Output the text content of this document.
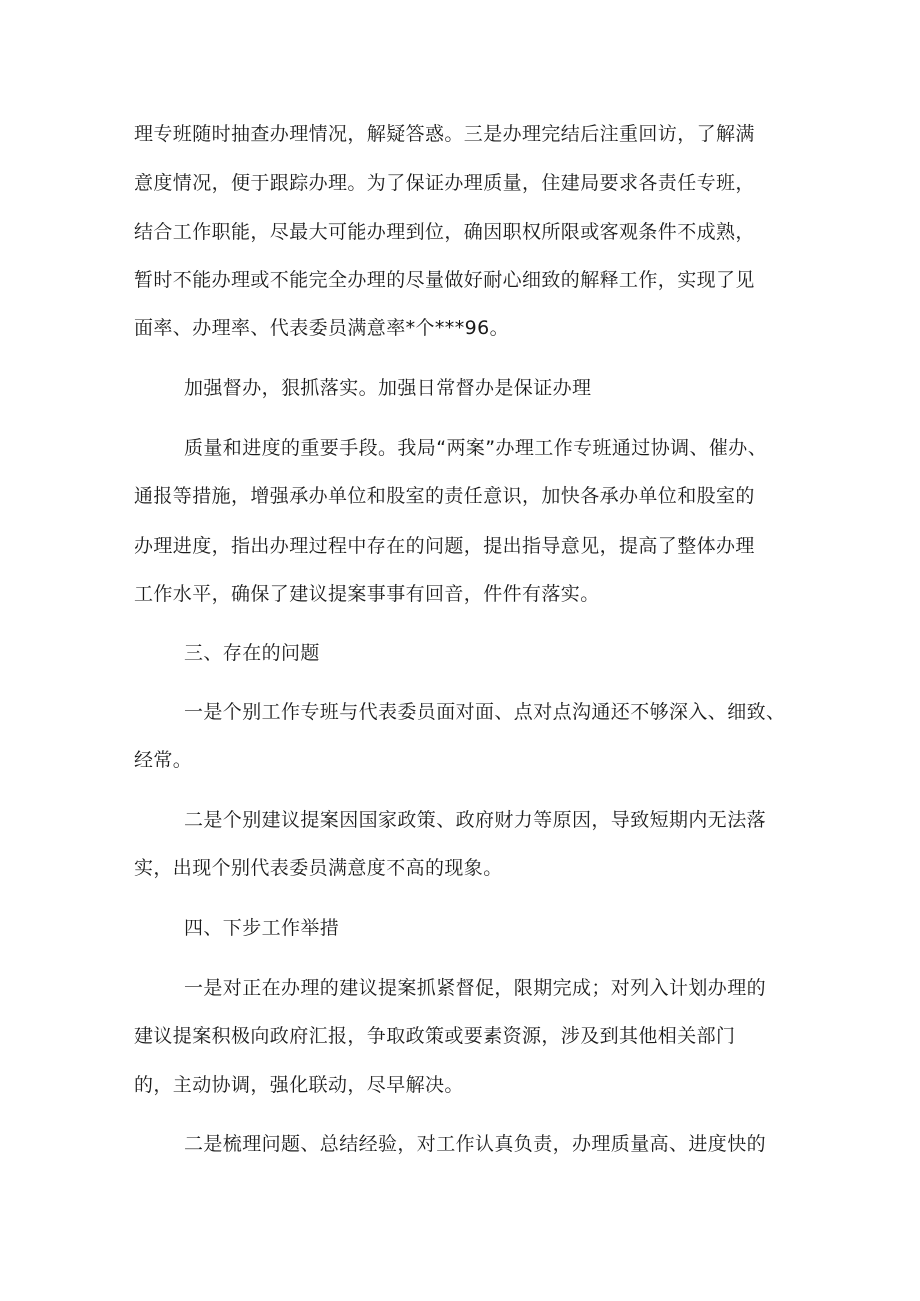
理专班随时抽查办理情况，解疑答惑。三是办理完结后注重回访，了解满
意度情况，便于跟踪办理。为了保证办理质量，住建局要求各责任专班，
结合工作职能，尽最大可能办理到位，确因职权所限或客观条件不成熟，
暂时不能办理或不能完全办理的尽量做好耐心细致的解释工作，实现了见
面率、办理率、代表委员满意率*个***96。
加强督办，狠抓落实。加强日常督办是保证办理
质量和进度的重要手段。我局“两案”办理工作专班通过协调、催办、
通报等措施，增强承办单位和股室的责任意识，加快各承办单位和股室的
办理进度，指出办理过程中存在的问题，提出指导意见，提高了整体办理
工作水平，确保了建议提案事事有回音，件件有落实。
三、存在的问题
一是个别工作专班与代表委员面对面、点对点沟通还不够深入、细致、
经常。
二是个别建议提案因国家政策、政府财力等原因，导致短期内无法落
实，出现个别代表委员满意度不高的现象。
四、下步工作举措
一是对正在办理的建议提案抓紧督促，限期完成；对列入计划办理的
建议提案积极向政府汇报，争取政策或要素资源，涉及到其他相关部门
的，主动协调，强化联动，尽早解决。
二是梳理问题、总结经验，对工作认真负责，办理质量高、进度快的
